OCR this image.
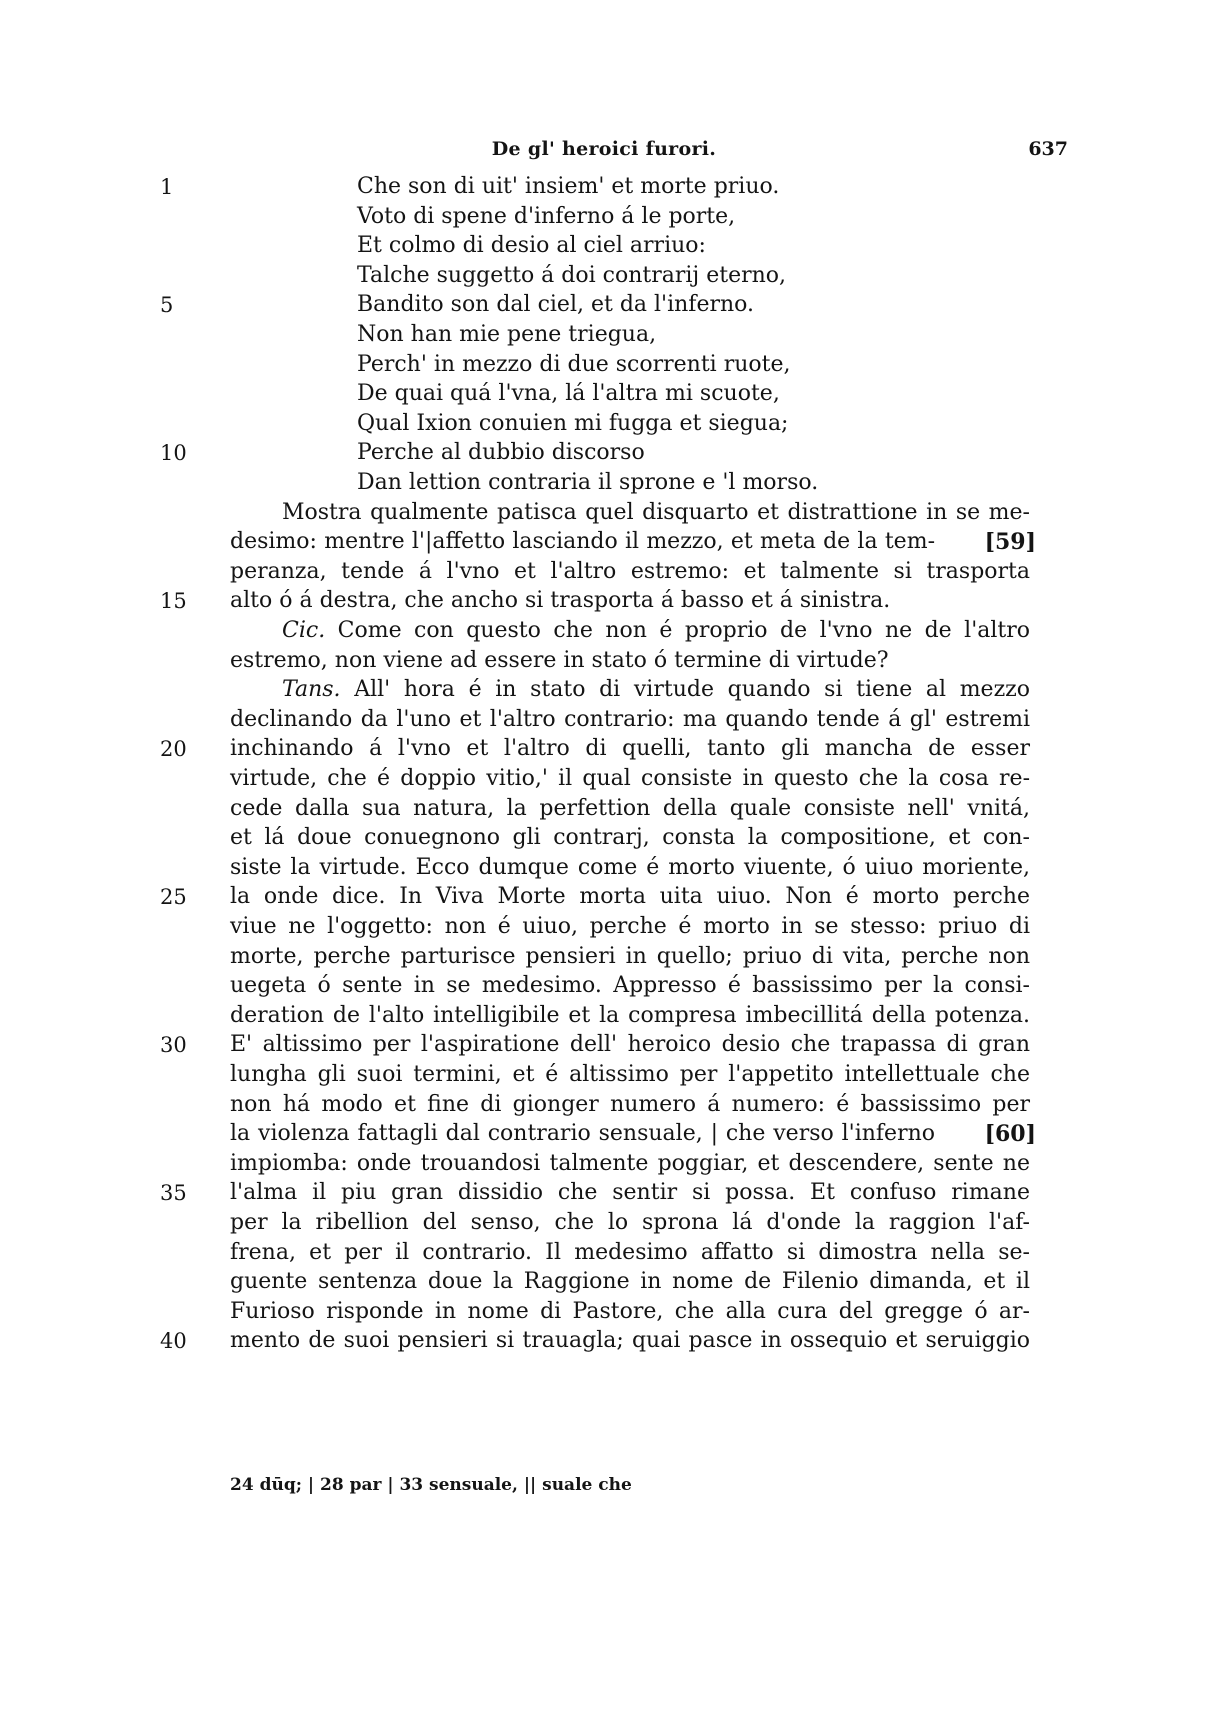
De gl' heroici furori.	637
1	Che son di uit' insiem' et morte priuo.
Voto di spene d'inferno á le porte,
Et colmo di desio al ciel arriuo:
Talche suggetto á doi contrarij eterno,
5	Bandito son dal ciel, et da l'inferno.
Non han mie pene triegua,
Perch' in mezzo di due scorrenti ruote,
De quai quá l'vna, lá l'altra mi scuote,
Qual Ixion conuien mi fugga et siegua;
10	Perche al dubbio discorso
Dan lettion contraria il sprone e 'l morso.
Mostra qualmente patisca quel disquarto et distrattione in se me-
desimo: mentre l'|affetto lasciando il mezzo, et meta de la tem- [59]
peranza, tende á l'vno et l'altro estremo: et talmente si trasporta
15	alto ó á destra, che ancho si trasporta á basso et á sinistra.
Cic. Come con questo che non é proprio de l'vno ne de l'altro
estremo, non viene ad essere in stato ó termine di virtude?
Tans. All' hora é in stato di virtude quando si tiene al mezzo
declinando da l'uno et l'altro contrario: ma quando tende á gl' estremi
20	inchinando á l'vno et l'altro di quelli, tanto gli mancha de esser
virtude, che é doppio vitio,' il qual consiste in questo che la cosa re-
cede dalla sua natura, la perfettion della quale consiste nell' vnitá,
et lá doue conuegnono gli contrarj, consta la compositione, et con-
siste la virtude. Ecco dumque come é morto viuente, ó uiuo moriente,
25	la onde dice. In Viva Morte morta uita uiuo. Non é morto perche
viue ne l'oggetto: non é uiuo, perche é morto in se stesso: priuo di
morte, perche parturisce pensieri in quello; priuo di vita, perche non
uegeta ó sente in se medesimo. Appresso é bassissimo per la consi-
deration de l'alto intelligibile et la compresa imbecillitá della potenza.
30	E' altissimo per l'aspiratione dell' heroico desio che trapassa di gran
lungha gli suoi termini, et é altissimo per l'appetito intellettuale che
non há modo et fine di gionger numero á numero: é bassissimo per
la violenza fattagli dal contrario sensuale, | che verso l'inferno [60]
impiomba: onde trouandosi talmente poggiar, et descendere, sente ne
35	l'alma il piu gran dissidio che sentir si possa. Et confuso rimane
per la ribellion del senso, che lo sprona lá d'onde la raggion l'af-
frena, et per il contrario. Il medesimo affatto si dimostra nella se-
guente sentenza doue la Raggione in nome de Filenio dimanda, et il
Furioso risponde in nome di Pastore, che alla cura del gregge ó ar-
40	mento de suoi pensieri si trauagla; quai pasce in ossequio et seruiggio
24 dūq; | 28 par | 33 sensuale, || suale che
